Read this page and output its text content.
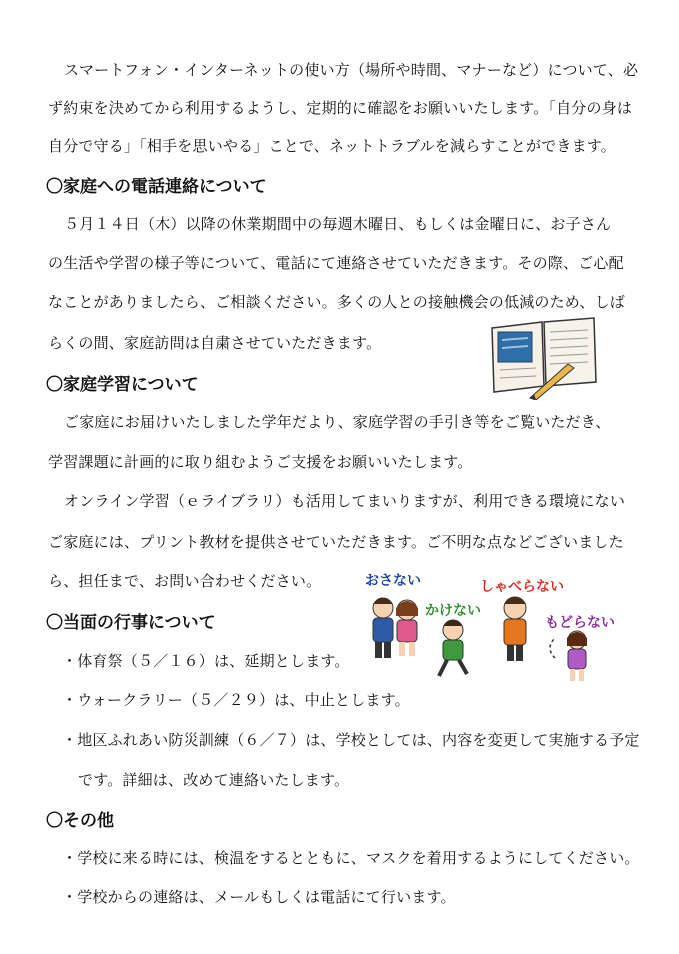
スマートフォン・インターネットの使い方（場所や時間、マナーなど）について、必
ず約束を決めてから利用するようし、定期的に確認をお願いいたします。「自分の身は
自分で守る」「相手を思いやる」ことで、ネットトラブルを減らすことができます。
〇家庭への電話連絡について
５月１４日（木）以降の休業期間中の毎週木曜日、もしくは金曜日に、お子さん
の生活や学習の様子等について、電話にて連絡させていただきます。その際、ご心配
なことがありましたら、ご相談ください。多くの人との接触機会の低減のため、しば
らくの間、家庭訪問は自粛させていただきます。
〇家庭学習について
ご家庭にお届けいたしました学年だより、家庭学習の手引き等をご覧いただき、
学習課題に計画的に取り組むようご支援をお願いいたします。
オンライン学習（ｅライブラリ）も活用してまいりますが、利用できる環境にない
ご家庭には、プリント教材を提供させていただきます。ご不明な点などございました
ら、担任まで、お問い合わせください。	おさない	しゃべらない
かけない
もどらない
〇当面の行事について
・体育祭（５／１６）は、延期とします。
・ウォークラリー（５／２９）は、中止とします。
・地区ふれあい防災訓練（６／７）は、学校としては、内容を変更して実施する予定
です。詳細は、改めて連絡いたします。
〇その他
・学校に来る時には、検温をするとともに、マスクを着用するようにしてください。
・学校からの連絡は、メールもしくは電話にて行います。
